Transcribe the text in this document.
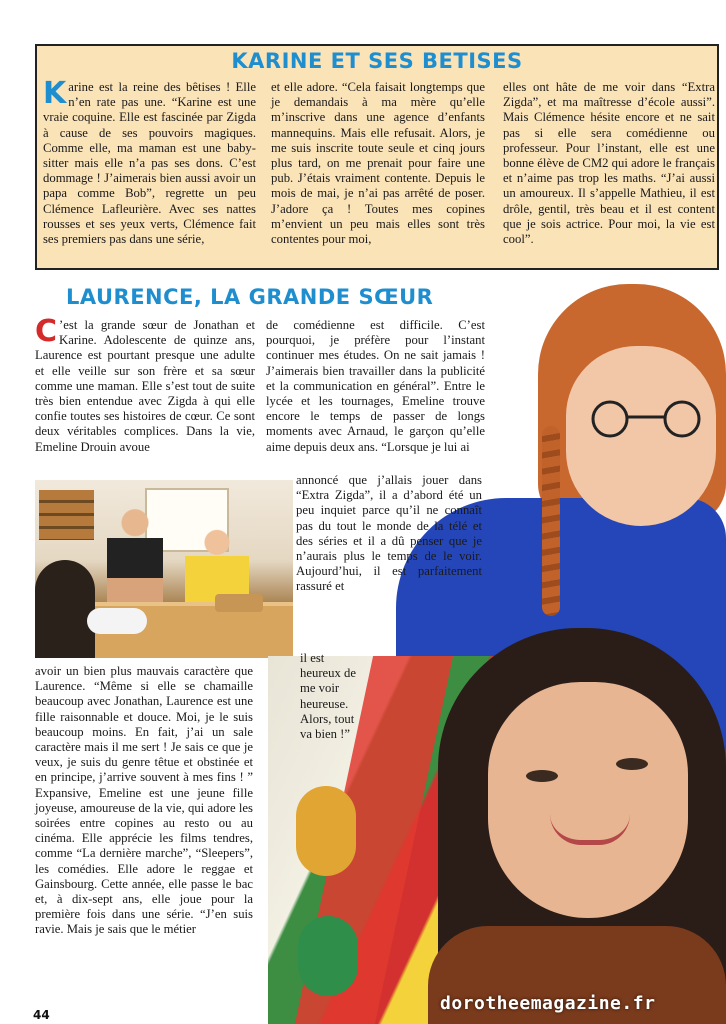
KARINE ET SES BETISES
Karine est la reine des bêtises ! Elle n’en rate pas une. “Karine est une vraie coquine. Elle est fascinée par Zigda à cause de ses pouvoirs magiques. Comme elle, ma maman est une baby-sitter mais elle n’a pas ses dons. C’est dommage ! J’aimerais bien aussi avoir un papa comme Bob”, regrette un peu Clémence Lafleurière. Avec ses nattes rousses et ses yeux verts, Clémence fait ses premiers pas dans une série,
et elle adore. “Cela faisait longtemps que je demandais à ma mère qu’elle m’inscrive dans une agence d’enfants mannequins. Mais elle refusait. Alors, je me suis inscrite toute seule et cinq jours plus tard, on me prenait pour faire une pub. J’étais vraiment contente. Depuis le mois de mai, je n’ai pas arrêté de poser. J’adore ça ! Toutes mes copines m’envient un peu mais elles sont très contentes pour moi,
elles ont hâte de me voir dans “Extra Zigda”, et ma maîtresse d’école aussi”. Mais Clémence hésite encore et ne sait pas si elle sera comédienne ou professeur. Pour l’instant, elle est une bonne élève de CM2 qui adore le français et n’aime pas trop les maths. “J’ai aussi un amoureux. Il s’appelle Mathieu, il est drôle, gentil, très beau et il est content que je sois actrice. Pour moi, la vie est cool”.
LAURENCE, LA GRANDE SŒUR
C ’est la grande sœur de Jonathan et Karine. Adolescente de quinze ans, Laurence est pourtant presque une adulte et elle veille sur son frère et sa sœur comme une maman. Elle s’est tout de suite très bien entendue avec Zigda à qui elle confie toutes ses histoires de cœur. Ce sont deux véritables complices. Dans la vie, Emeline Drouin avoue
de comédienne est difficile. C’est pourquoi, je préfère pour l’instant continuer mes études. On ne sait jamais ! J’aimerais bien travailler dans la publicité et la communication en général”. Entre le lycée et les tournages, Emeline trouve encore le temps de passer de longs moments avec Arnaud, le garçon qu’elle aime depuis deux ans. “Lorsque je lui ai
annoncé que j’allais jouer dans “Extra Zigda”, il a d’abord été un peu inquiet parce qu’il ne connaît pas du tout le monde de la télé et des séries et il a dû penser que je n’aurais plus le temps de le voir. Aujourd’hui, il est parfaitement rassuré et
il est heureux de me voir heureuse. Alors, tout va bien !”
avoir un bien plus mauvais caractère que Laurence. “Même si elle se chamaille beaucoup avec Jonathan, Laurence est une fille raisonnable et douce. Moi, je le suis beaucoup moins. En fait, j’ai un sale caractère mais il me sert ! Je sais ce que je veux, je suis du genre têtue et obstinée et en principe, j’arrive souvent à mes fins ! ” Expansive, Emeline est une jeune fille joyeuse, amoureuse de la vie, qui adore les soirées entre copines au resto ou au cinéma. Elle apprécie les films tendres, comme “La dernière marche”, “Sleepers”, les comédies. Elle adore le reggae et Gainsbourg. Cette année, elle passe le bac et, à dix-sept ans, elle joue pour la première fois dans une série. “J’en suis ravie. Mais je sais que le métier
44
dorotheemagazine.fr
